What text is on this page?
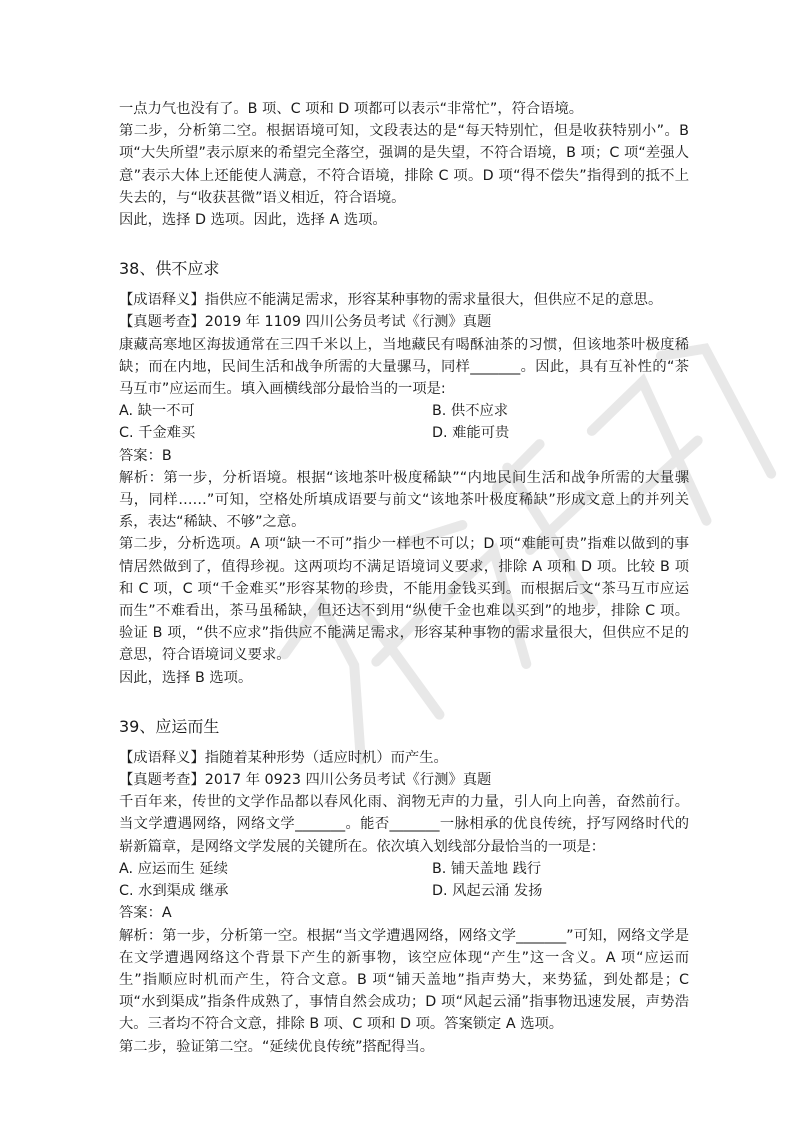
一点力气也没有了。B 项、C 项和 D 项都可以表示“非常忙”，符合语境。

第二步，分析第二空。根据语境可知，文段表达的是“每天特别忙，但是收获特别小”。B 项“大失所望”表示原来的希望完全落空，强调的是失望，不符合语境，B 项；C 项“差强人意”表示大体上还能使人满意，不符合语境，排除 C 项。D 项“得不偿失”指得到的抵不上失去的，与“收获甚微”语义相近，符合语境。

因此，选择 D 选项。因此，选择 A 选项。

38、供不应求

【成语释义】指供应不能满足需求，形容某种事物的需求量很大，但供应不足的意思。

【真题考查】2019 年 1109 四川公务员考试《行测》真题

康藏高寒地区海拔通常在三四千米以上，当地藏民有喝酥油茶的习惯，但该地茶叶极度稀缺；而在内地，民间生活和战争所需的大量骡马，同样_______。因此，具有互补性的“茶马互市”应运而生。填入画横线部分最恰当的一项是:

A. 缺一不可	B. 供不应求
C. 千金难买	D. 难能可贵

答案：B

解析：第一步，分析语境。根据“该地茶叶极度稀缺”“内地民间生活和战争所需的大量骡马，同样……”可知，空格处所填成语要与前文“该地茶叶极度稀缺”形成文意上的并列关系，表达“稀缺、不够”之意。

第二步，分析选项。A 项“缺一不可”指少一样也不可以；D 项“难能可贵”指难以做到的事情居然做到了，值得珍视。这两项均不满足语境词义要求，排除 A 项和 D 项。比较 B 项和 C 项，C 项“千金难买”形容某物的珍贵，不能用金钱买到。而根据后文“茶马互市应运而生”不难看出，茶马虽稀缺，但还达不到用“纵使千金也难以买到”的地步，排除 C 项。验证 B 项，“供不应求”指供应不能满足需求，形容某种事物的需求量很大，但供应不足的意思，符合语境词义要求。

因此，选择 B 选项。

39、应运而生

【成语释义】指随着某种形势（适应时机）而产生。

【真题考查】2017 年 0923 四川公务员考试《行测》真题

千百年来，传世的文学作品都以春风化雨、润物无声的力量，引人向上向善，奋然前行。当文学遭遇网络，网络文学_______。能否_______一脉相承的优良传统，抒写网络时代的崭新篇章，是网络文学发展的关键所在。依次填入划线部分最恰当的一项是：

A. 应运而生 延续	B. 铺天盖地 践行
C. 水到渠成 继承	D. 风起云涌 发扬

答案：A

解析：第一步，分析第一空。根据“当文学遭遇网络，网络文学_______”可知，网络文学是在文学遭遇网络这个背景下产生的新事物，该空应体现“产生”这一含义。A 项“应运而生”指顺应时机而产生，符合文意。B 项“铺天盖地”指声势大，来势猛，到处都是；C 项“水到渠成”指条件成熟了，事情自然会成功；D 项“风起云涌”指事物迅速发展，声势浩大。三者均不符合文意，排除 B 项、C 项和 D 项。答案锁定 A 选项。

第二步，验证第二空。“延续优良传统”搭配得当。
